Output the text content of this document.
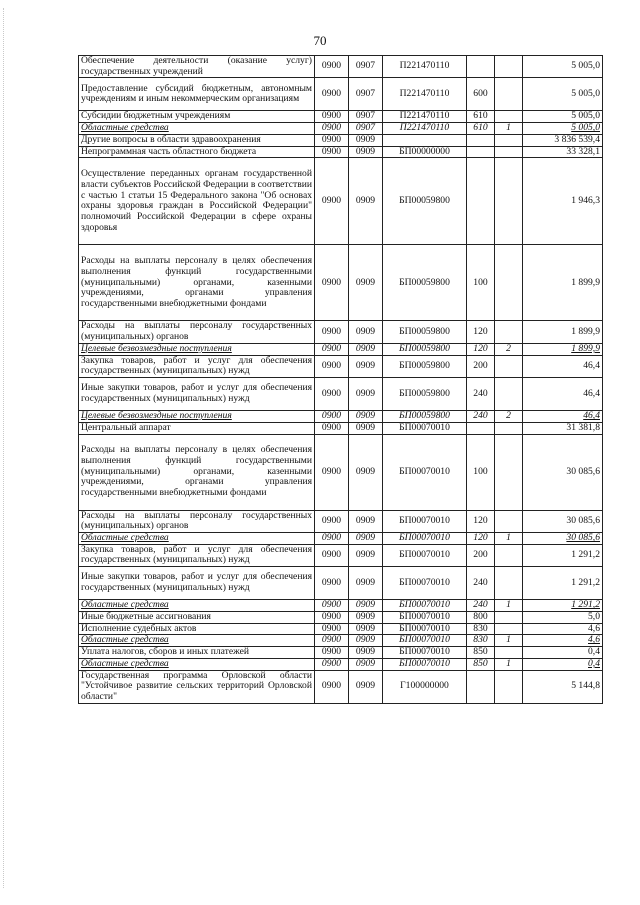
70
Обеспечение деятельности (оказание услуг) государственных учреждений	0900	0907	П221470110			5 005,0
Предоставление субсидий бюджетным, автономным учреждениям и иным некоммерческим организациям	0900	0907	П221470110	600		5 005,0
Субсидии бюджетным учреждениям	0900	0907	П221470110	610		5 005,0
Областные средства	0900	0907	П221470110	610	1	5 005,0
Другие вопросы в области здравоохранения	0900	0909				3 836 539,4
Непрограммная часть областного бюджета	0900	0909	БП00000000			33 328,1
Осуществление переданных органам государственной власти субъектов Российской Федерации в соответствии с частью 1 статьи 15 Федерального закона "Об основах охраны здоровья граждан в Российской Федерации" полномочий Российской Федерации в сфере охраны здоровья	0900	0909	БП00059800			1 946,3
Расходы на выплаты персоналу в целях обеспечения выполнения функций государственными (муниципальными) органами, казенными учреждениями, органами управления государственными внебюджетными фондами	0900	0909	БП00059800	100		1 899,9
Расходы на выплаты персоналу государственных (муниципальных) органов	0900	0909	БП00059800	120		1 899,9
Целевые безвозмездные поступления	0900	0909	БП00059800	120	2	1 899,9
Закупка товаров, работ и услуг для обеспечения государственных (муниципальных) нужд	0900	0909	БП00059800	200		46,4
Иные закупки товаров, работ и услуг для обеспечения государственных (муниципальных) нужд	0900	0909	БП00059800	240		46,4
Целевые безвозмездные поступления	0900	0909	БП00059800	240	2	46,4
Центральный аппарат	0900	0909	БП00070010			31 381,8
Расходы на выплаты персоналу в целях обеспечения выполнения функций государственными (муниципальными) органами, казенными учреждениями, органами управления государственными внебюджетными фондами	0900	0909	БП00070010	100		30 085,6
Расходы на выплаты персоналу государственных (муниципальных) органов	0900	0909	БП00070010	120		30 085,6
Областные средства	0900	0909	БП00070010	120	1	30 085,6
Закупка товаров, работ и услуг для обеспечения государственных (муниципальных) нужд	0900	0909	БП00070010	200		1 291,2
Иные закупки товаров, работ и услуг для обеспечения государственных (муниципальных) нужд	0900	0909	БП00070010	240		1 291,2
Областные средства	0900	0909	БП00070010	240	1	1 291,2
Иные бюджетные ассигнования	0900	0909	БП00070010	800		5,0
Исполнение судебных актов	0900	0909	БП00070010	830		4,6
Областные средства	0900	0909	БП00070010	830	1	4,6
Уплата налогов, сборов и иных платежей	0900	0909	БП00070010	850		0,4
Областные средства	0900	0909	БП00070010	850	1	0,4
Государственная программа Орловской области "Устойчивое развитие сельских территорий Орловской области"	0900	0909	Г100000000			5 144,8
